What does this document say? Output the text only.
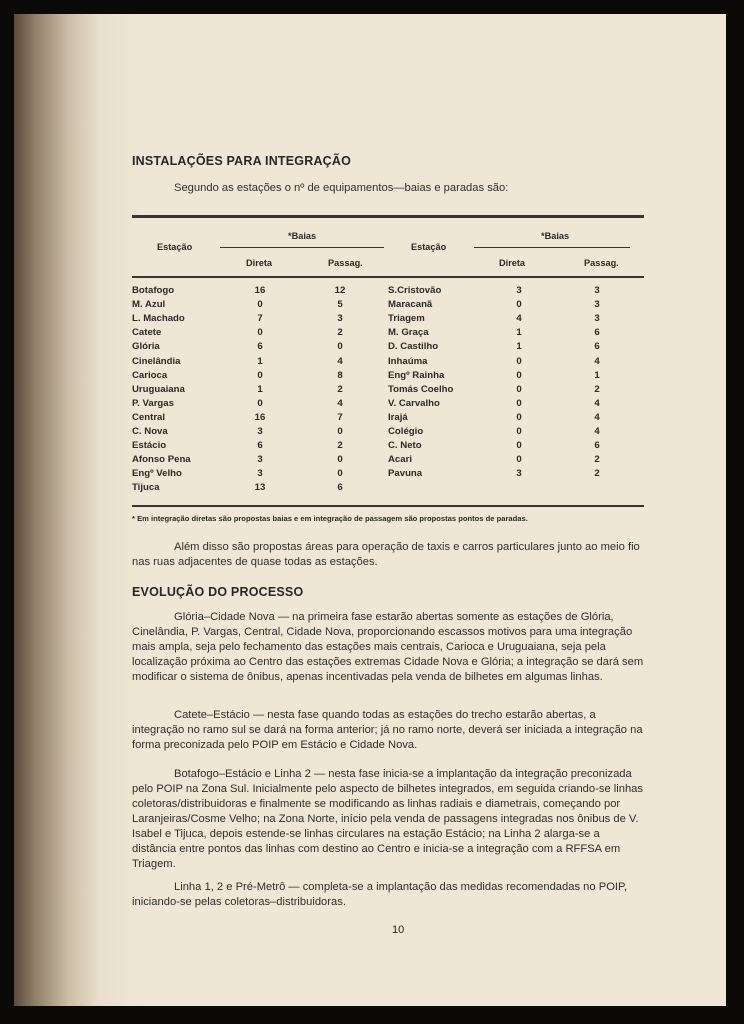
INSTALAÇÕES PARA INTEGRAÇÃO

Segundo as estações o nº de equipamentos—baias e paradas são:

Estação
*Baias
Direta	Passag.
Estação
*Baias
Direta	Passag.
Botafogo	16	12	S.Cristovão	3	3
M. Azul	0	5	Maracanã	0	3
L. Machado	7	3	Triagem	4	3
Catete	0	2	M. Graça	1	6
Glória	6	0	D. Castilho	1	6
Cinelândia	1	4	Inhaúma	0	4
Carioca	0	8	Engº Rainha	0	1
Uruguaiana	1	2	Tomás Coelho	0	2
P. Vargas	0	4	V. Carvalho	0	4
Central	16	7	Irajá	0	4
C. Nova	3	0	Colégio	0	4
Estácio	6	2	C. Neto	0	6
Afonso Pena	3	0	Acari	0	2
Engº Velho	3	0	Pavuna	3	2
Tijuca	13	6			
* Em integração diretas são propostas baias e em integração de passagem são propostas pontos de paradas.

Além disso são propostas áreas para operação de taxis e carros particulares junto ao meio fio nas ruas adjacentes de quase todas as estações.

EVOLUÇÃO DO PROCESSO

Glória–Cidade Nova — na primeira fase estarão abertas somente as estações de Glória, Cinelândia, P. Vargas, Central, Cidade Nova, proporcionando escassos motivos para uma integração mais ampla, seja pelo fechamento das estações mais centrais, Carioca e Uruguaiana, seja pela localização próxima ao Centro das estações extremas Cidade Nova e Glória; a integração se dará sem modificar o sistema de ônibus, apenas incentivadas pela venda de bilhetes em algumas linhas.

Catete–Estácio — nesta fase quando todas as estações do trecho estarão abertas, a integração no ramo sul se dará na forma anterior; já no ramo norte, deverá ser iniciada a integração na forma preconizada pelo POIP em Estácio e Cidade Nova.

Botafogo–Estácio e Linha 2 — nesta fase inicia-se a implantação da integração preconizada pelo POIP na Zona Sul. Inicialmente pelo aspecto de bilhetes integrados, em seguida criando-se linhas coletoras/distribuidoras e finalmente se modificando as linhas radiais e diametrais, começando por Laranjeiras/Cosme Velho; na Zona Norte, início pela venda de passagens integradas nos ônibus de V. Isabel e Tijuca, depois estende-se linhas circulares na estação Estácio; na Linha 2 alarga-se a distância entre pontos das linhas com destino ao Centro e inicia-se a integração com a RFFSA em Triagem.

Linha 1, 2 e Pré-Metrô — completa-se a implantação das medidas recomendadas no POIP, iniciando-se pelas coletoras–distribuidoras.

10
